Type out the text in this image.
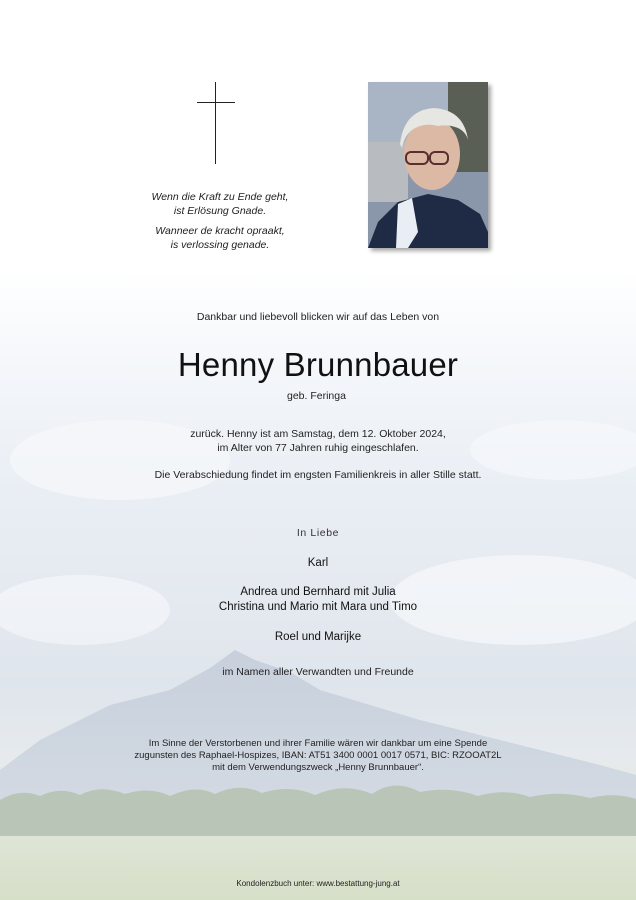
Wenn die Kraft zu Ende geht,
ist Erlösung Gnade.
Wanneer de kracht opraakt,
is verlossing genade.
Dankbar und liebevoll blicken wir auf das Leben von
Henny Brunnbauer
geb. Feringa
zurück. Henny ist am Samstag, dem 12. Oktober 2024,
im Alter von 77 Jahren ruhig eingeschlafen.
Die Verabschiedung findet im engsten Familienkreis in aller Stille statt.
In Liebe
Karl
Andrea und Bernhard mit Julia
Christina und Mario mit Mara und Timo
Roel und Marijke
im Namen aller Verwandten und Freunde
Im Sinne der Verstorbenen und ihrer Familie wären wir dankbar um eine Spende
zugunsten des Raphael-Hospizes, IBAN: AT51 3400 0001 0017 0571, BIC: RZOOAT2L
mit dem Verwendungszweck „Henny Brunnbauer“.
Kondolenzbuch unter: www.bestattung-jung.at
